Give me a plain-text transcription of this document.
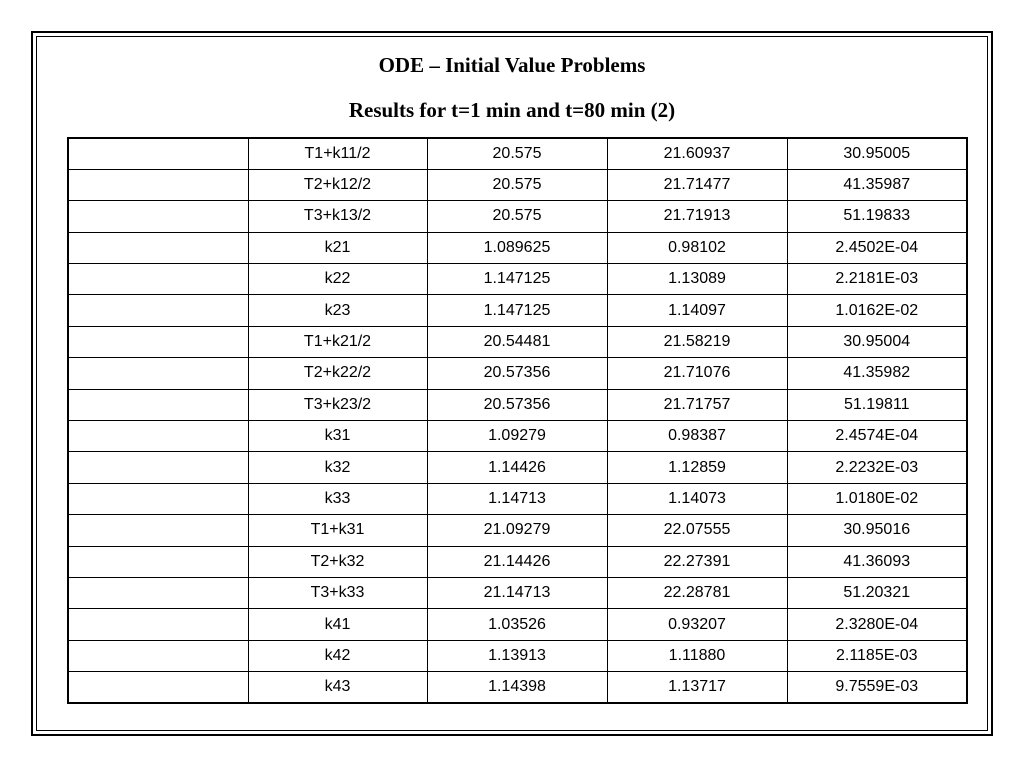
ODE – Initial Value Problems
Results for t=1 min and t=80 min (2)
	T1+k11/2	20.575	21.60937	30.95005
	T2+k12/2	20.575	21.71477	41.35987
	T3+k13/2	20.575	21.71913	51.19833
	k21	1.089625	0.98102	2.4502E-04
	k22	1.147125	1.13089	2.2181E-03
	k23	1.147125	1.14097	1.0162E-02
	T1+k21/2	20.54481	21.58219	30.95004
	T2+k22/2	20.57356	21.71076	41.35982
	T3+k23/2	20.57356	21.71757	51.19811
	k31	1.09279	0.98387	2.4574E-04
	k32	1.14426	1.12859	2.2232E-03
	k33	1.14713	1.14073	1.0180E-02
	T1+k31	21.09279	22.07555	30.95016
	T2+k32	21.14426	22.27391	41.36093
	T3+k33	21.14713	22.28781	51.20321
	k41	1.03526	0.93207	2.3280E-04
	k42	1.13913	1.11880	2.1185E-03
	k43	1.14398	1.13717	9.7559E-03
